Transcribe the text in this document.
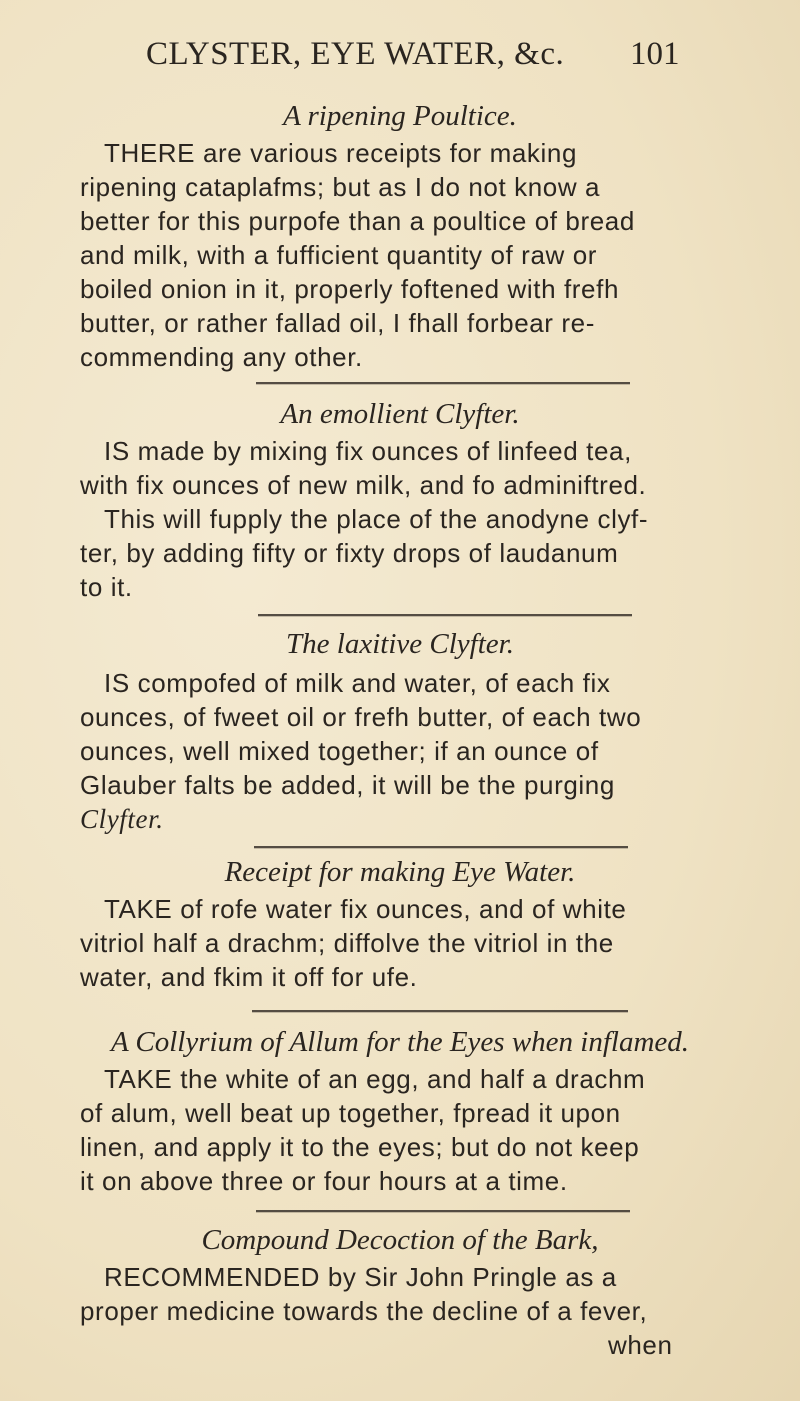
CLYSTER, EYE WATER, &c. 101
A ripening Poultice.
THERE are various receipts for making
ripening cataplafms; but as I do not know a
better for this purpofe than a poultice of bread
and milk, with a fufficient quantity of raw or
boiled onion in it, properly foftened with frefh
butter, or rather fallad oil, I fhall forbear re-
commending any other.
An emollient Clyfter.
IS made by mixing fix ounces of linfeed tea,
with fix ounces of new milk, and fo adminiftred.
This will fupply the place of the anodyne clyf-
ter, by adding fifty or fixty drops of laudanum
to it.
The laxitive Clyfter.
IS compofed of milk and water, of each fix
ounces, of fweet oil or frefh butter, of each two
ounces, well mixed together; if an ounce of
Glauber falts be added, it will be the purging
Clyfter.
Receipt for making Eye Water.
TAKE of rofe water fix ounces, and of white
vitriol half a drachm; diffolve the vitriol in the
water, and fkim it off for ufe.
A Collyrium of Allum for the Eyes when inflamed.
TAKE the white of an egg, and half a drachm
of alum, well beat up together, fpread it upon
linen, and apply it to the eyes; but do not keep
it on above three or four hours at a time.
Compound Decoction of the Bark,
RECOMMENDED by Sir John Pringle as a
proper medicine towards the decline of a fever,
when
